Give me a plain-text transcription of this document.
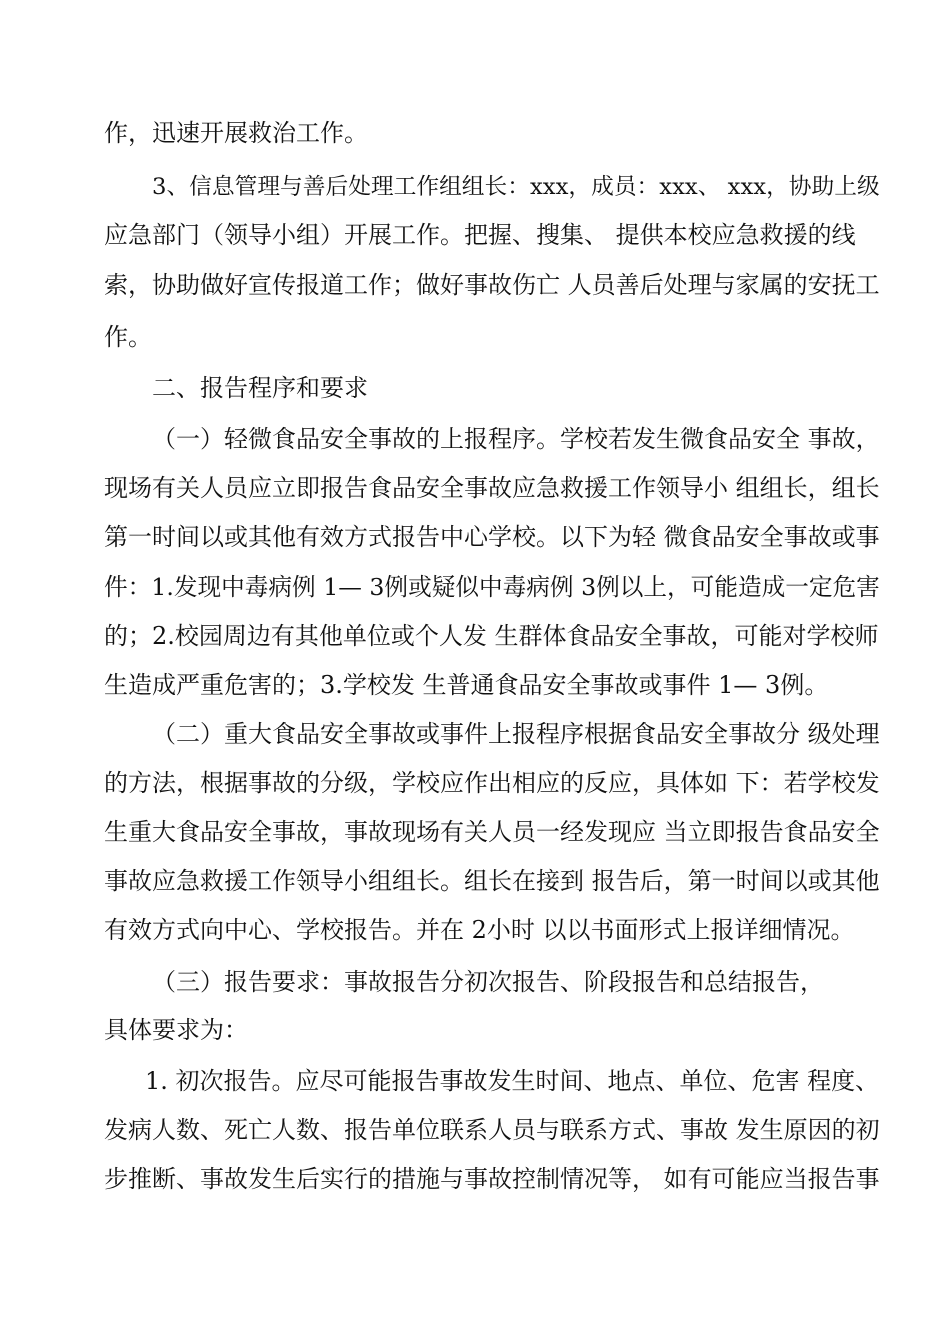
作，迅速开展救治工作。
3、信息管理与善后处理工作组组长：xxx，成员：xxx、 xxx，协助上级
应急部门（领导小组）开展工作。把握、搜集、 提供本校应急救援的线
索，协助做好宣传报道工作；做好事故伤亡 人员善后处理与家属的安抚工
作。
二、报告程序和要求
（一）轻微食品安全事故的上报程序。学校若发生微食品安全 事故，
现场有关人员应立即报告食品安全事故应急救援工作领导小 组组长，组长
第一时间以或其他有效方式报告中心学校。以下为轻 微食品安全事故或事
件：1.发现中毒病例 1— 3例或疑似中毒病例 3例以上，可能造成一定危害
的；2.校园周边有其他单位或个人发 生群体食品安全事故，可能对学校师
生造成严重危害的；3.学校发 生普通食品安全事故或事件 1— 3例。
（二）重大食品安全事故或事件上报程序根据食品安全事故分 级处理
的方法，根据事故的分级，学校应作出相应的反应，具体如 下：若学校发
生重大食品安全事故，事故现场有关人员一经发现应 当立即报告食品安全
事故应急救援工作领导小组组长。组长在接到 报告后，第一时间以或其他
有效方式向中心、学校报告。并在 2小时 以以书面形式上报详细情况。
（三）报告要求：事故报告分初次报告、阶段报告和总结报告，
具体要求为：
1. 初次报告。应尽可能报告事故发生时间、地点、单位、危害 程度、
发病人数、死亡人数、报告单位联系人员与联系方式、事故 发生原因的初
步推断、事故发生后实行的措施与事故控制情况等， 如有可能应当报告事
